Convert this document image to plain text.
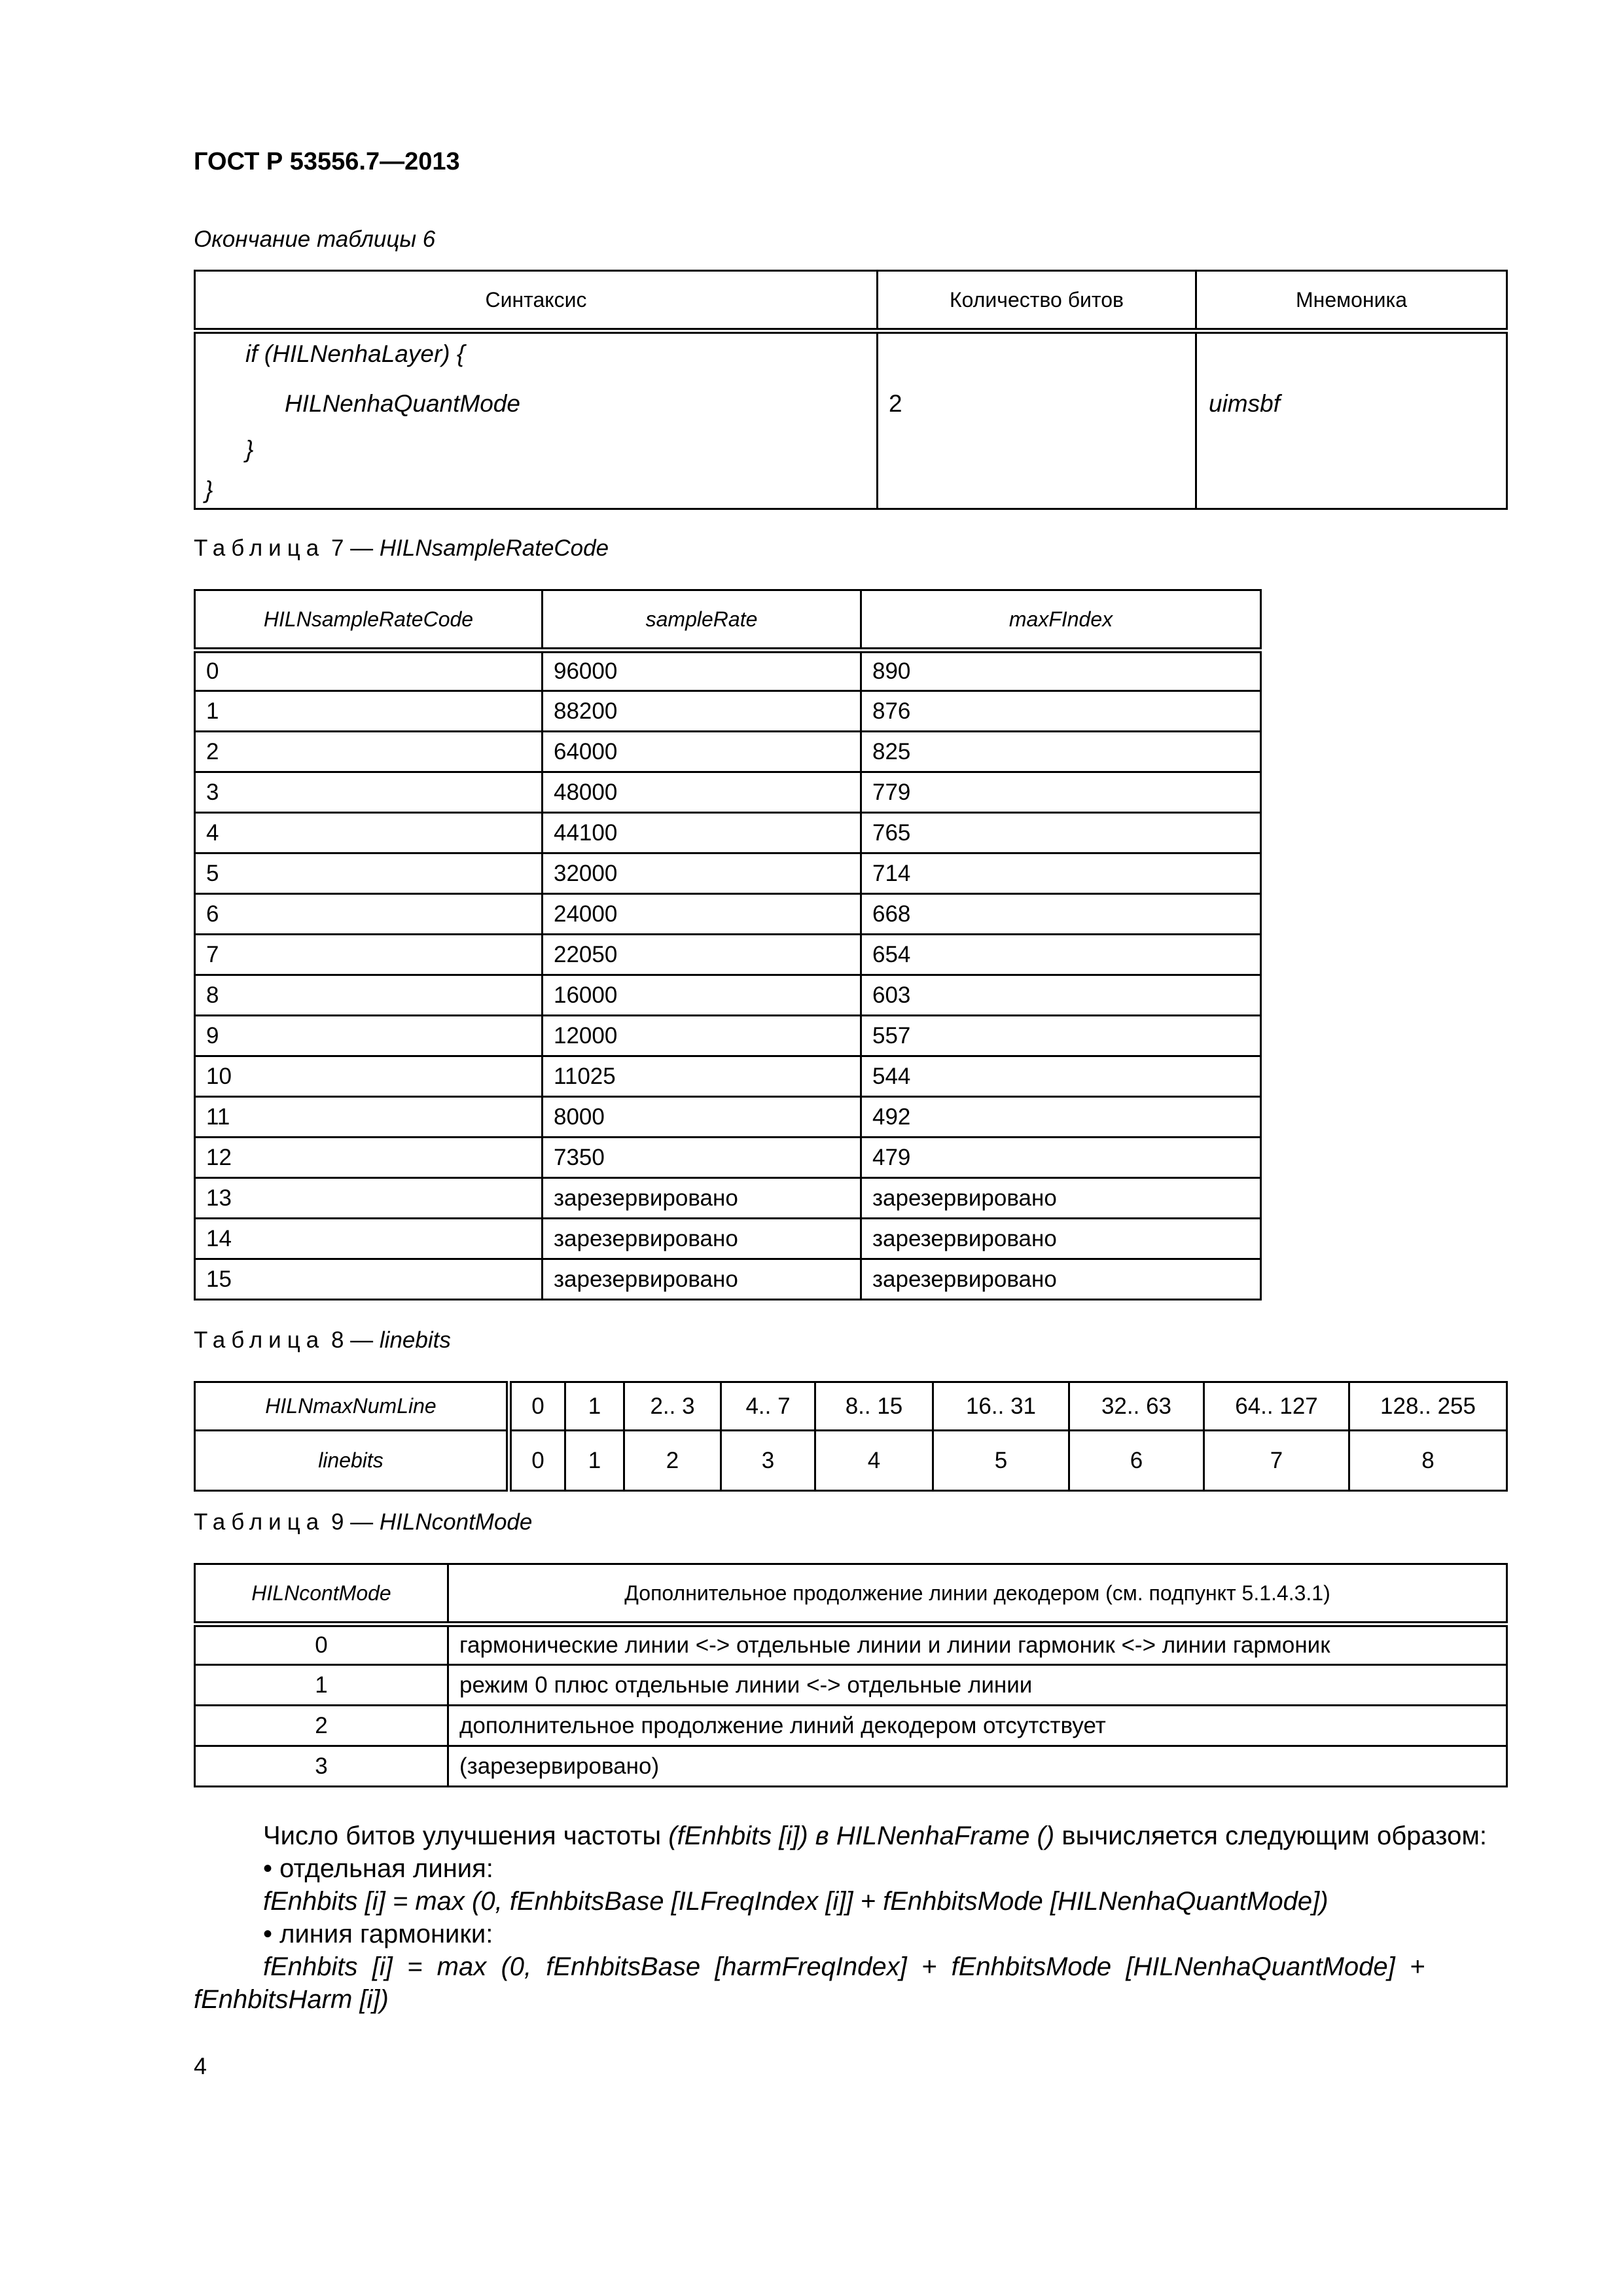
ГОСТ Р 53556.7—2013
Окончание таблицы 6
Синтаксис	Количество битов	Мнемоника

if (HILNenhaLayer) {
HILNenhaQuantMode
}
}	2	uimsbf
Таблица 7 — HILNsampleRateCode
HILNsampleRateCode	sampleRate	maxFIndex
0	96000	890
1	88200	876
2	64000	825
3	48000	779
4	44100	765
5	32000	714
6	24000	668
7	22050	654
8	16000	603
9	12000	557
10	11025	544
11	8000	492
12	7350	479
13	зарезервировано	зарезервировано
14	зарезервировано	зарезервировано
15	зарезервировано	зарезервировано
Таблица 8 — linebits
HILNmaxNumLine	0	1	2.. 3	4.. 7	8.. 15	16.. 31	32.. 63	64.. 127	128.. 255
linebits	0	1	2	3	4	5	6	7	8
Таблица 9 — HILNcontMode
HILNcontMode	Дополнительное продолжение линии декодером (см. подпункт 5.1.4.3.1)
0	гармонические линии <-> отдельные линии и линии гармоник <-> линии гармоник
1	режим 0 плюс отдельные линии <-> отдельные линии
2	дополнительное продолжение линий декодером отсутствует
3	(зарезервировано)
Число битов улучшения частоты (fEnhbits [i]) в HILNenhaFrame () вычисляется следующим образом:
• отдельная линия:
fEnhbits [i] = max (0, fEnhbitsBase [ILFreqIndex [i]] + fEnhbitsMode [HILNenhaQuantMode])
• линия гармоники:
fEnhbits  [i]  =  max  (0,  fEnhbitsBase  [harmFreqIndex]  +  fEnhbitsMode  [HILNenhaQuantMode]  +
fEnhbitsHarm [i])
4
